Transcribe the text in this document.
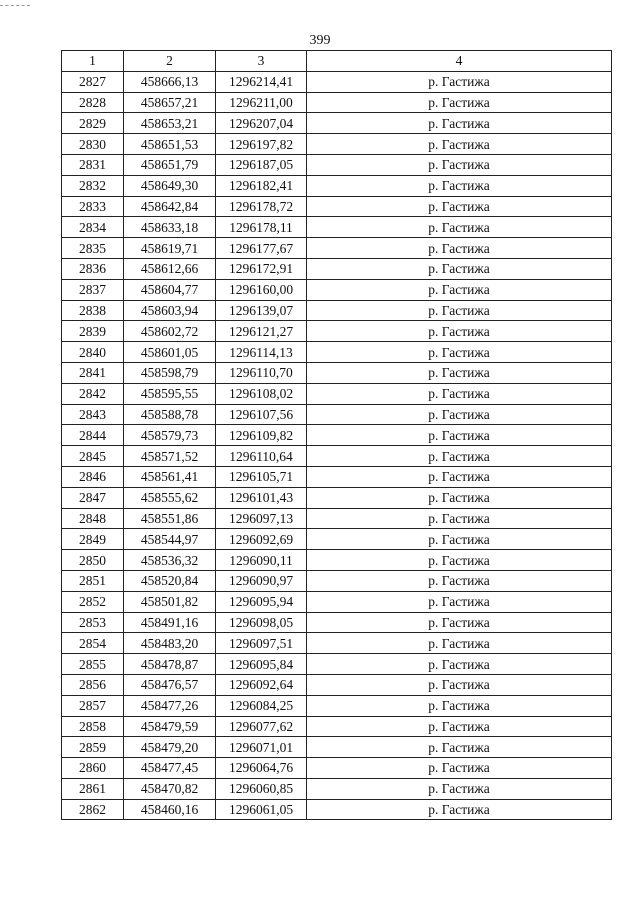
399
1	2	3	4
2827	458666,13	1296214,41	р. Гастижа
2828	458657,21	1296211,00	р. Гастижа
2829	458653,21	1296207,04	р. Гастижа
2830	458651,53	1296197,82	р. Гастижа
2831	458651,79	1296187,05	р. Гастижа
2832	458649,30	1296182,41	р. Гастижа
2833	458642,84	1296178,72	р. Гастижа
2834	458633,18	1296178,11	р. Гастижа
2835	458619,71	1296177,67	р. Гастижа
2836	458612,66	1296172,91	р. Гастижа
2837	458604,77	1296160,00	р. Гастижа
2838	458603,94	1296139,07	р. Гастижа
2839	458602,72	1296121,27	р. Гастижа
2840	458601,05	1296114,13	р. Гастижа
2841	458598,79	1296110,70	р. Гастижа
2842	458595,55	1296108,02	р. Гастижа
2843	458588,78	1296107,56	р. Гастижа
2844	458579,73	1296109,82	р. Гастижа
2845	458571,52	1296110,64	р. Гастижа
2846	458561,41	1296105,71	р. Гастижа
2847	458555,62	1296101,43	р. Гастижа
2848	458551,86	1296097,13	р. Гастижа
2849	458544,97	1296092,69	р. Гастижа
2850	458536,32	1296090,11	р. Гастижа
2851	458520,84	1296090,97	р. Гастижа
2852	458501,82	1296095,94	р. Гастижа
2853	458491,16	1296098,05	р. Гастижа
2854	458483,20	1296097,51	р. Гастижа
2855	458478,87	1296095,84	р. Гастижа
2856	458476,57	1296092,64	р. Гастижа
2857	458477,26	1296084,25	р. Гастижа
2858	458479,59	1296077,62	р. Гастижа
2859	458479,20	1296071,01	р. Гастижа
2860	458477,45	1296064,76	р. Гастижа
2861	458470,82	1296060,85	р. Гастижа
2862	458460,16	1296061,05	р. Гастижа
